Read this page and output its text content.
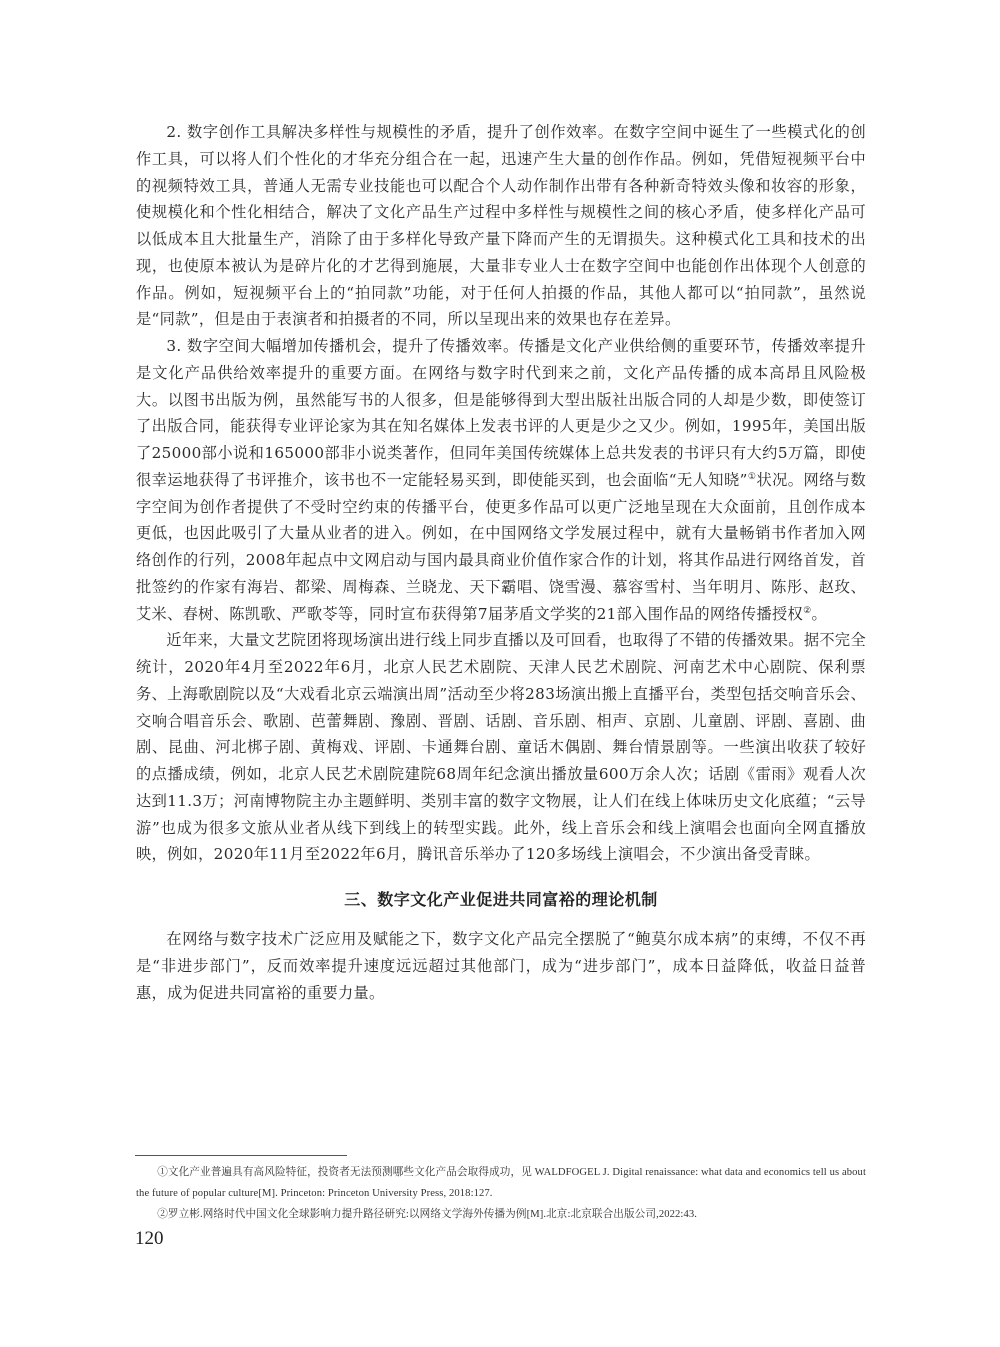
2. 数字创作工具解决多样性与规模性的矛盾，提升了创作效率。在数字空间中诞生了一些模式化的创作工具，可以将人们个性化的才华充分组合在一起，迅速产生大量的创作作品。例如，凭借短视频平台中的视频特效工具，普通人无需专业技能也可以配合个人动作制作出带有各种新奇特效头像和妆容的形象，使规模化和个性化相结合，解决了文化产品生产过程中多样性与规模性之间的核心矛盾，使多样化产品可以低成本且大批量生产，消除了由于多样化导致产量下降而产生的无谓损失。这种模式化工具和技术的出现，也使原本被认为是碎片化的才艺得到施展，大量非专业人士在数字空间中也能创作出体现个人创意的作品。例如，短视频平台上的“拍同款”功能，对于任何人拍摄的作品，其他人都可以“拍同款”，虽然说是“同款”，但是由于表演者和拍摄者的不同，所以呈现出来的效果也存在差异。

3. 数字空间大幅增加传播机会，提升了传播效率。传播是文化产业供给侧的重要环节，传播效率提升是文化产品供给效率提升的重要方面。在网络与数字时代到来之前，文化产品传播的成本高昂且风险极大。以图书出版为例，虽然能写书的人很多，但是能够得到大型出版社出版合同的人却是少数，即使签订了出版合同，能获得专业评论家为其在知名媒体上发表书评的人更是少之又少。例如，1995年，美国出版了25000部小说和165000部非小说类著作，但同年美国传统媒体上总共发表的书评只有大约5万篇，即使很幸运地获得了书评推介，该书也不一定能轻易买到，即使能买到，也会面临“无人知晓”①状况。网络与数字空间为创作者提供了不受时空约束的传播平台，使更多作品可以更广泛地呈现在大众面前，且创作成本更低，也因此吸引了大量从业者的进入。例如，在中国网络文学发展过程中，就有大量畅销书作者加入网络创作的行列，2008年起点中文网启动与国内最具商业价值作家合作的计划，将其作品进行网络首发，首批签约的作家有海岩、都梁、周梅森、兰晓龙、天下霸唱、饶雪漫、慕容雪村、当年明月、陈彤、赵玫、艾米、春树、陈凯歌、严歌苓等，同时宣布获得第7届茅盾文学奖的21部入围作品的网络传播授权②。

近年来，大量文艺院团将现场演出进行线上同步直播以及可回看，也取得了不错的传播效果。据不完全统计，2020年4月至2022年6月，北京人民艺术剧院、天津人民艺术剧院、河南艺术中心剧院、保利票务、上海歌剧院以及“大戏看北京云端演出周”活动至少将283场演出搬上直播平台，类型包括交响音乐会、交响合唱音乐会、歌剧、芭蕾舞剧、豫剧、晋剧、话剧、音乐剧、相声、京剧、儿童剧、评剧、喜剧、曲剧、昆曲、河北梆子剧、黄梅戏、评剧、卡通舞台剧、童话木偶剧、舞台情景剧等。一些演出收获了较好的点播成绩，例如，北京人民艺术剧院建院68周年纪念演出播放量600万余人次；话剧《雷雨》观看人次达到11.3万；河南博物院主办主题鲜明、类别丰富的数字文物展，让人们在线上体味历史文化底蕴；“云导游”也成为很多文旅从业者从线下到线上的转型实践。此外，线上音乐会和线上演唱会也面向全网直播放映，例如，2020年11月至2022年6月，腾讯音乐举办了120多场线上演唱会，不少演出备受青睐。

三、数字文化产业促进共同富裕的理论机制

在网络与数字技术广泛应用及赋能之下，数字文化产品完全摆脱了“鲍莫尔成本病”的束缚，不仅不再是“非进步部门”，反而效率提升速度远远超过其他部门，成为“进步部门”，成本日益降低，收益日益普惠，成为促进共同富裕的重要力量。

①文化产业普遍具有高风险特征，投资者无法预测哪些文化产品会取得成功，见 WALDFOGEL J. Digital renaissance: what data and economics tell us about the future of popular culture[M]. Princeton: Princeton University Press, 2018:127.

②罗立彬.网络时代中国文化全球影响力提升路径研究:以网络文学海外传播为例[M].北京:北京联合出版公司,2022:43.

120
